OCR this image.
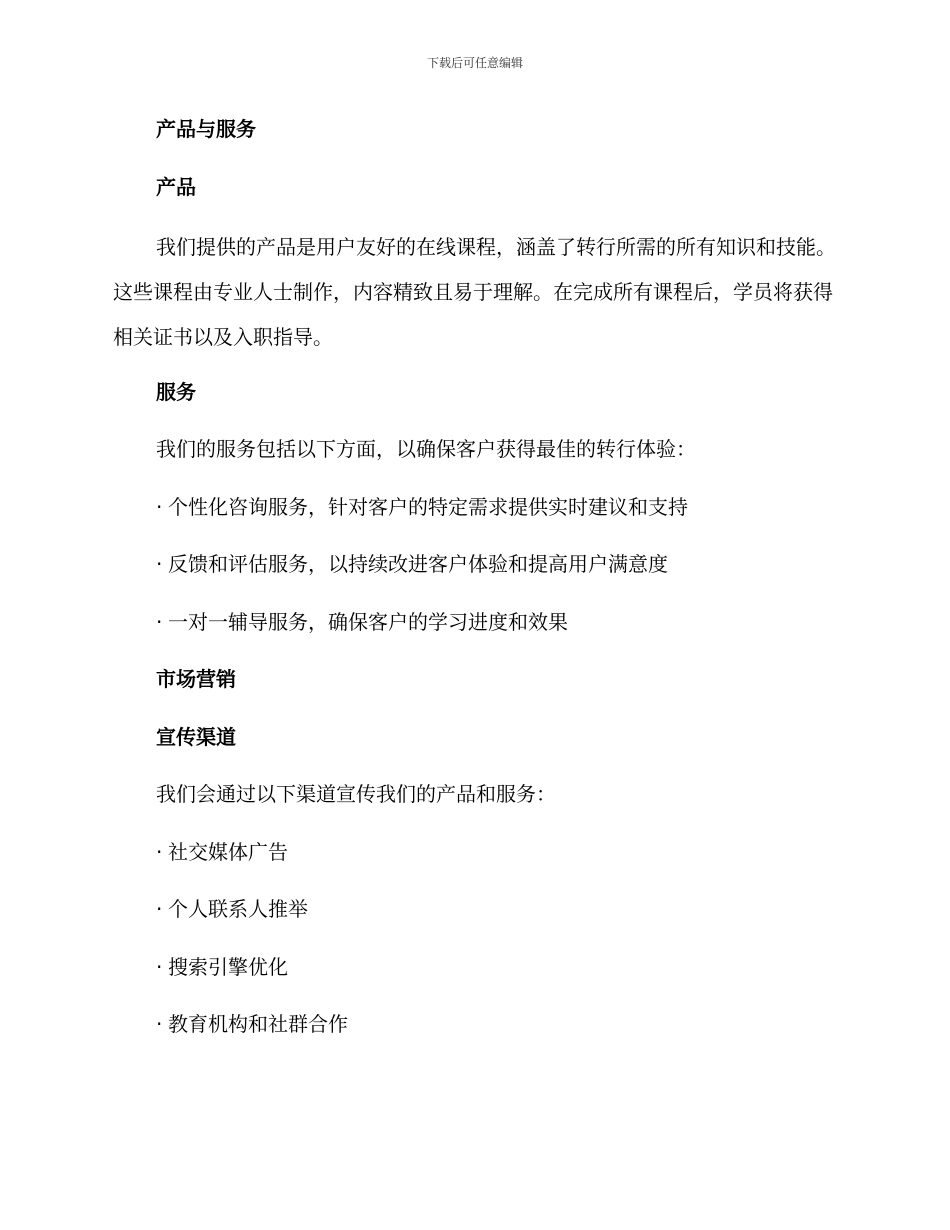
下载后可任意编辑
产品与服务
产品
我们提供的产品是用户友好的在线课程，涵盖了转行所需的所有知识和技能。这些课程由专业人士制作，内容精致且易于理解。在完成所有课程后，学员将获得相关证书以及入职指导。
服务
我们的服务包括以下方面，以确保客户获得最佳的转行体验：
· 个性化咨询服务，针对客户的特定需求提供实时建议和支持
· 反馈和评估服务，以持续改进客户体验和提高用户满意度
· 一对一辅导服务，确保客户的学习进度和效果
市场营销
宣传渠道
我们会通过以下渠道宣传我们的产品和服务：
· 社交媒体广告
· 个人联系人推举
· 搜索引擎优化
· 教育机构和社群合作
